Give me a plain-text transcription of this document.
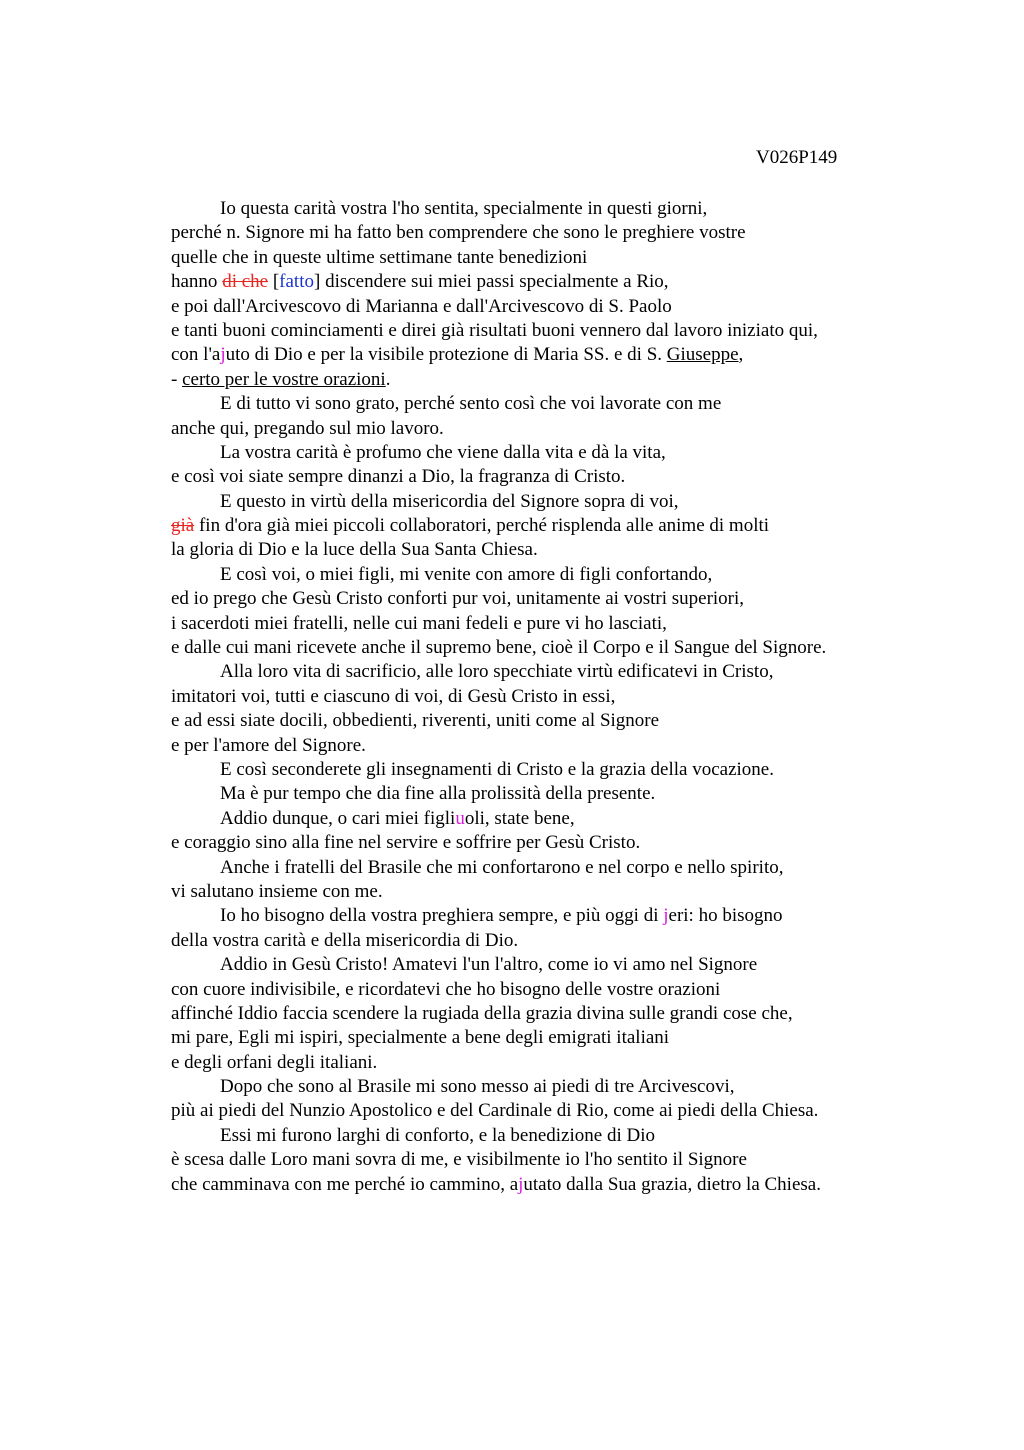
V026P149
Io questa carità vostra l'ho sentita, specialmente in questi giorni,
perché n. Signore mi ha fatto ben comprendere che sono le preghiere vostre
quelle che in queste ultime settimane tante benedizioni
hanno di che [fatto] discendere sui miei passi specialmente a Rio,
e poi dall'Arcivescovo di Marianna e dall'Arcivescovo di S. Paolo
e tanti buoni cominciamenti e direi già risultati buoni vennero dal lavoro iniziato qui,
con l'ajuto di Dio e per la visibile protezione di Maria SS. e di S. Giuseppe,
- certo per le vostre orazioni.
E di tutto vi sono grato, perché sento così che voi lavorate con me
anche qui, pregando sul mio lavoro.
La vostra carità è profumo che viene dalla vita e dà la vita,
e così voi siate sempre dinanzi a Dio, la fragranza di Cristo.
E questo in virtù della misericordia del Signore sopra di voi,
già fin d'ora già miei piccoli collaboratori, perché risplenda alle anime di molti
la gloria di Dio e la luce della Sua Santa Chiesa.
E così voi, o miei figli, mi venite con amore di figli confortando,
ed io prego che Gesù Cristo conforti pur voi, unitamente ai vostri superiori,
i sacerdoti miei fratelli, nelle cui mani fedeli e pure vi ho lasciati,
e dalle cui mani ricevete anche il supremo bene, cioè il Corpo e il Sangue del Signore.
Alla loro vita di sacrificio, alle loro specchiate virtù edificatevi in Cristo,
imitatori voi, tutti e ciascuno di voi, di Gesù Cristo in essi,
e ad essi siate docili, obbedienti, riverenti, uniti come al Signore
e per l'amore del Signore.
E così seconderete gli insegnamenti di Cristo e la grazia della vocazione.
Ma è pur tempo che dia fine alla prolissità della presente.
Addio dunque, o cari miei figliuoli, state bene,
e coraggio sino alla fine nel servire e soffrire per Gesù Cristo.
Anche i fratelli del Brasile che mi confortarono e nel corpo e nello spirito,
vi salutano insieme con me.
Io ho bisogno della vostra preghiera sempre, e più oggi di jeri: ho bisogno
della vostra carità e della misericordia di Dio.
Addio in Gesù Cristo! Amatevi l'un l'altro, come io vi amo nel Signore
con cuore indivisibile, e ricordatevi che ho bisogno delle vostre orazioni
affinché Iddio faccia scendere la rugiada della grazia divina sulle grandi cose che,
mi pare, Egli mi ispiri, specialmente a bene degli emigrati italiani
e degli orfani degli italiani.
Dopo che sono al Brasile mi sono messo ai piedi di tre Arcivescovi,
più ai piedi del Nunzio Apostolico e del Cardinale di Rio, come ai piedi della Chiesa.
Essi mi furono larghi di conforto, e la benedizione di Dio
è scesa dalle Loro mani sovra di me, e visibilmente io l'ho sentito il Signore
che camminava con me perché io cammino, ajutato dalla Sua grazia, dietro la Chiesa.
